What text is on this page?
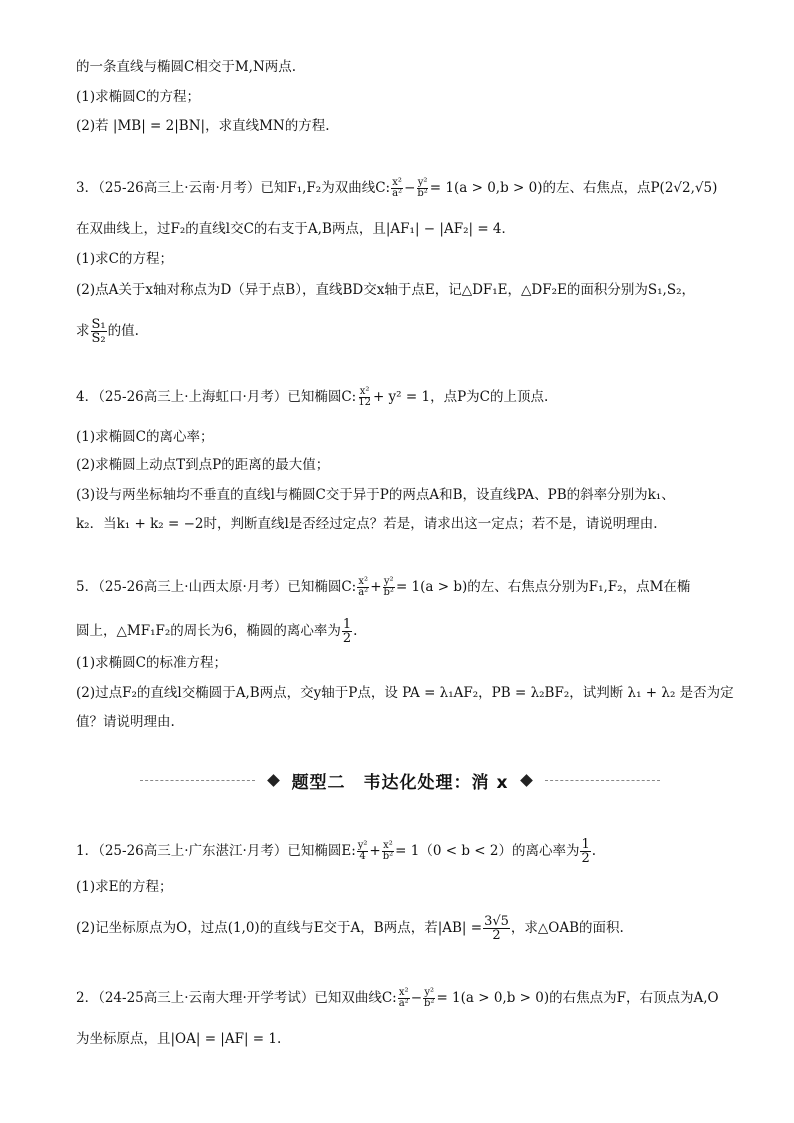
的一条直线与椭圆C相交于M,N两点.
(1)求椭圆C的方程；
(2)若 |MB| = 2|BN|，求直线MN的方程.
3．（25-26高三上·云南·月考）已知F₁,F₂为双曲线C: $\frac{\text{x²}}{\text{a²}} - \frac{\text{y²}}{\text{b²}} = 1(a > 0,b > 0)$的左、右焦点，点P(2√2,√5)
在双曲线上，过F₂的直线l交C的右支于A,B两点，且|AF₁| − |AF₂| = 4．
(1)求C的方程；
(2)点A关于x轴对称点为D（异于点B），直线BD交x轴于点E，记△DF₁E，△DF₂E的面积分别为S₁,S₂，
求 $\frac{\text{S₁}}{\text{S₂}}$ 的值.
4．（25-26高三上·上海虹口·月考）已知椭圆C: $\frac{\text{x²}}{12} + y^2 = 1$，点P为C的上顶点.
(1)求椭圆C的离心率；
(2)求椭圆上动点T到点P的距离的最大值；
(3)设与两坐标轴均不垂直的直线l与椭圆C交于异于P的两点A和B，设直线PA、PB的斜率分别为k₁、
k₂．当k₁ + k₂ = −2时，判断直线l是否经过定点？若是，请求出这一定点；若不是，请说明理由.
5．（25-26高三上·山西太原·月考）已知椭圆C: $\frac{\text{x²}}{\text{a²}} + \frac{\text{y²}}{\text{b²}} = 1(a > b)$的左、右焦点分别为F₁,F₂，点M在椭
圆上，△MF₁F₂的周长为6，椭圆的离心率为 $\frac{1}{2}$ .
(1)求椭圆C的标准方程；
(2)过点F₂的直线l交椭圆于A,B两点，交y轴于P点，设 PA = λ₁AF₂，PB = λ₂BF₂，试判断 λ₁ + λ₂ 是否为定
值？请说明理由.
题型二　韦达化处理：消 x
1．（25-26高三上·广东湛江·月考）已知椭圆E: $\frac{\text{y²}}{4} + \frac{\text{x²}}{\text{b²}} = 1(0 < b < 2)$的离心率为 $\frac{1}{2}$ .
(1)求E的方程；
(2)记坐标原点为O，过点(1,0)的直线与E交于A，B两点，若$|AB| = \frac{3√5}{2}$ ，求△OAB的面积.
2．（24-25高三上·云南大理·开学考试）已知双曲线C: $\frac{\text{x²}}{\text{a²}} - \frac{\text{y²}}{\text{b²}} = 1(a > 0,b > 0)$的右焦点为F，右顶点为A,O
为坐标原点，且|OA| = |AF| = 1.
